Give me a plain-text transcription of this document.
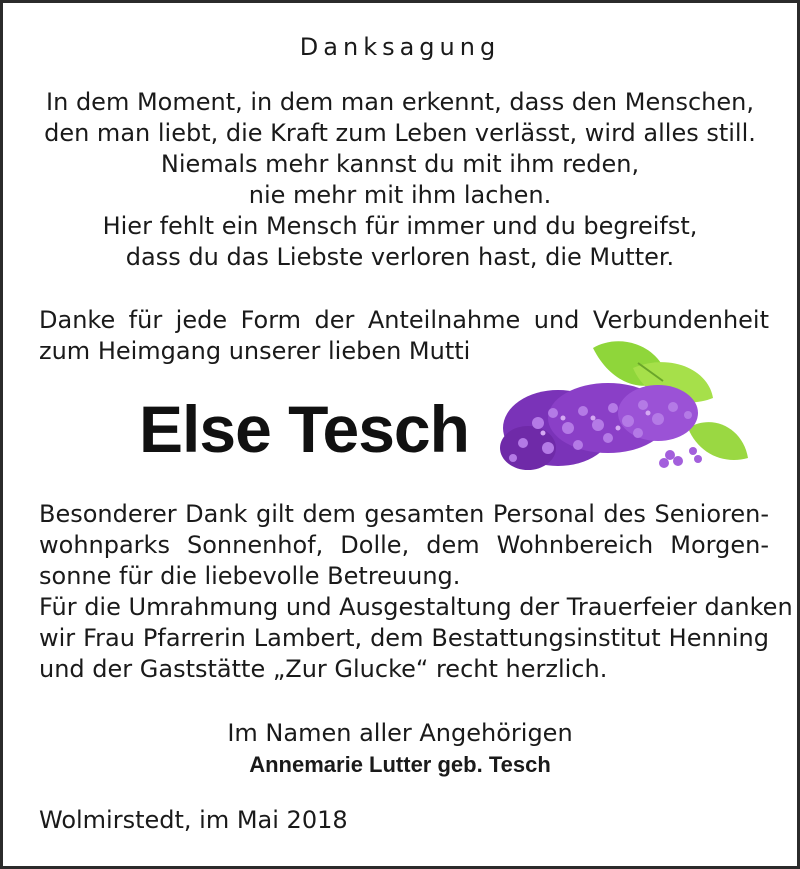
Danksagung
In dem Moment, in dem man erkennt, dass den Menschen,
den man liebt, die Kraft zum Leben verlässt, wird alles still.
Niemals mehr kannst du mit ihm reden,
nie mehr mit ihm lachen.
Hier fehlt ein Mensch für immer und du begreifst,
dass du das Liebste verloren hast, die Mutter.
Danke für jede Form der Anteilnahme und Verbundenheit
zum Heimgang unserer lieben Mutti
Else Tesch
Besonderer Dank gilt dem gesamten Personal des Senioren-
wohnparks Sonnenhof, Dolle, dem Wohnbereich Morgen-
sonne für die liebevolle Betreuung.
Für die Umrahmung und Ausgestaltung der Trauerfeier danken
wir Frau Pfarrerin Lambert, dem Bestattungsinstitut Henning
und der Gaststätte „Zur Glucke“ recht herzlich.
Im Namen aller Angehörigen
Annemarie Lutter geb. Tesch
Wolmirstedt, im Mai 2018
